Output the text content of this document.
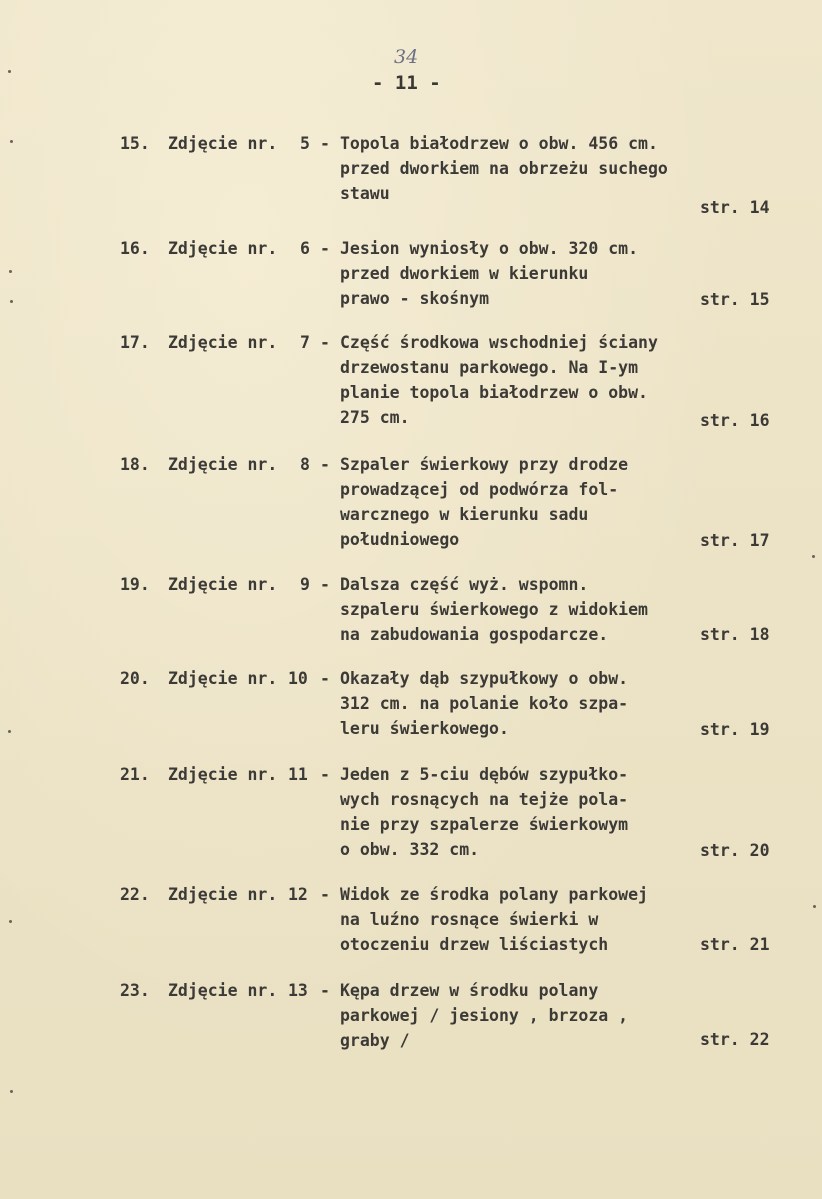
34
- 11 -
15. Zdjęcie nr. 5 - Topola białodrzew o obw. 456 cm.
przed dworkiem na obrzeżu suchego
stawu
str. 14
16. Zdjęcie nr. 6 - Jesion wyniosły o obw. 320 cm.
przed dworkiem w kierunku
prawo - skośnym	str. 15
17. Zdjęcie nr. 7 - Część środkowa wschodniej ściany
drzewostanu parkowego. Na I-ym
planie topola białodrzew o obw.
275 cm.	str. 16
18. Zdjęcie nr. 8 - Szpaler świerkowy przy drodze
prowadzącej od podwórza fol-
warcznego w kierunku sadu
południowego	str. 17
19. Zdjęcie nr. 9 - Dalsza część wyż. wspomn.
szpaleru świerkowego z widokiem
na zabudowania gospodarcze.	str. 18
20. Zdjęcie nr. 10 - Okazały dąb szypułkowy o obw.
312 cm. na polanie koło szpa-
leru świerkowego.	str. 19
21. Zdjęcie nr. 11 - Jeden z 5-ciu dębów szypułko-
wych rosnących na tejże pola-
nie przy szpalerze świerkowym
o obw. 332 cm.	str. 20
22. Zdjęcie nr. 12 - Widok ze środka polany parkowej
na luźno rosnące świerki w
otoczeniu drzew liściastych	str. 21
23. Zdjęcie nr. 13 - Kępa drzew w środku polany
parkowej / jesiony , brzoza ,
graby /	str. 22
